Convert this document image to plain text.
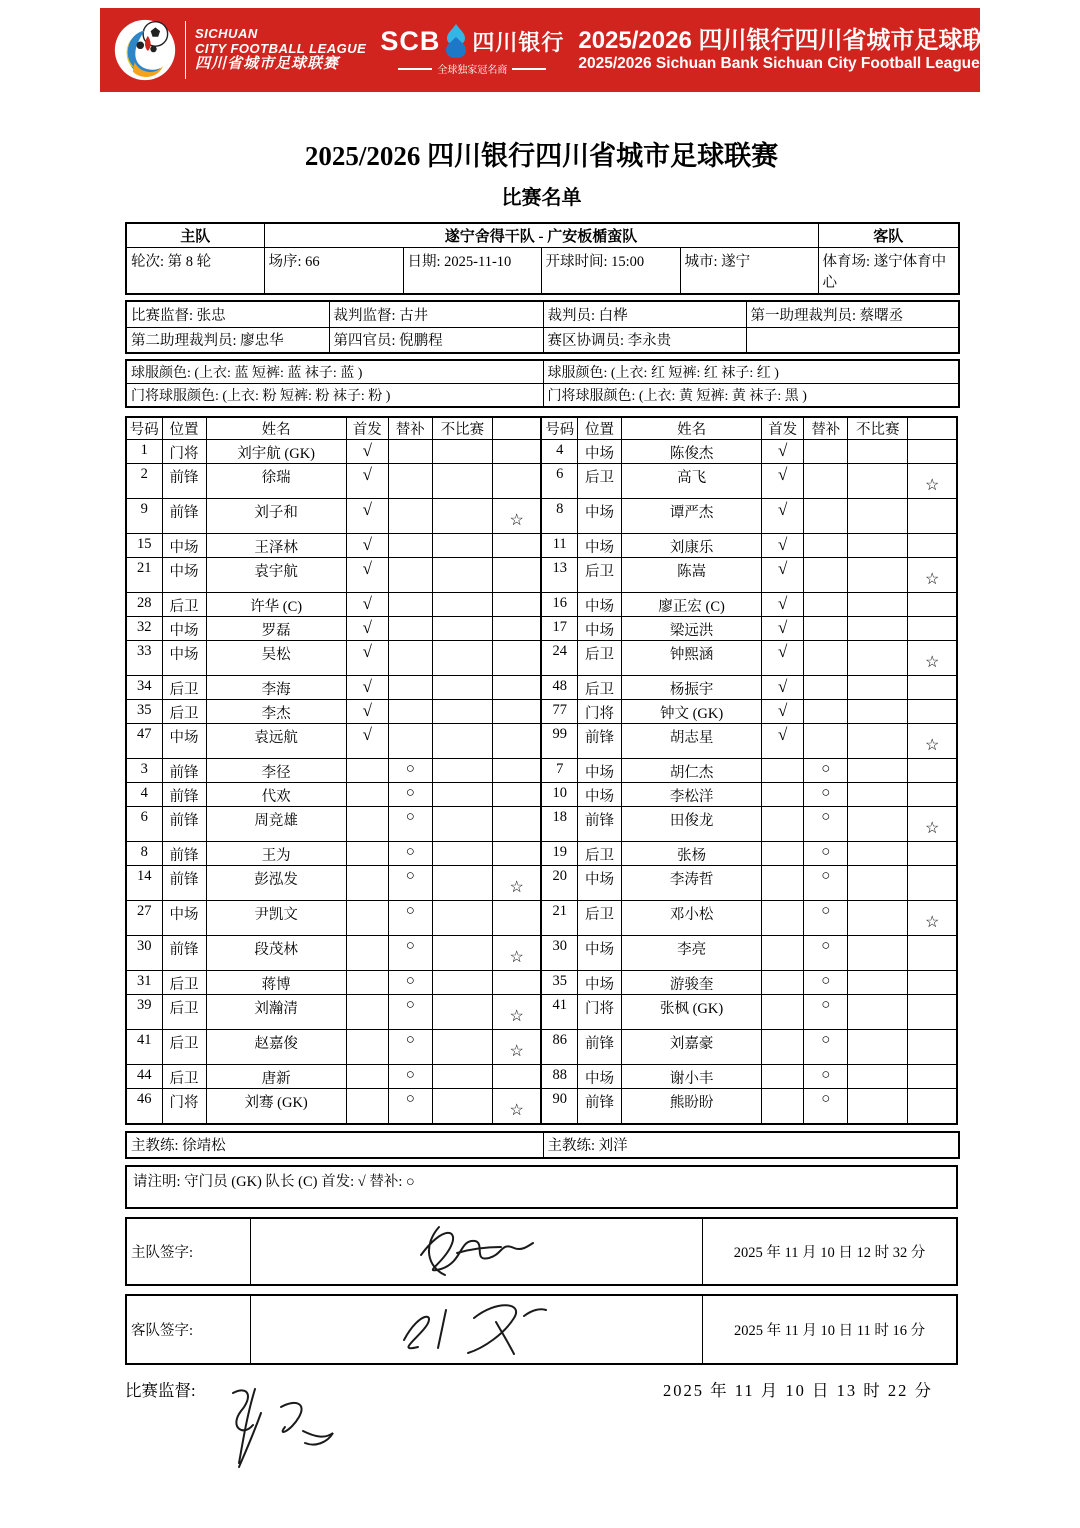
SICHUAN
CITY FOOTBALL LEAGUE
四川省城市足球联赛
SCB 四川银行
全球独家冠名商
2025/2026 四川银行四川省城市足球联赛
2025/2026 Sichuan Bank Sichuan City Football League
2025/2026 四川银行四川省城市足球联赛
比赛名单
主队	遂宁舍得干队 - 广安板楯蛮队				客队
轮次: 第 8 轮	场序: 66	日期: 2025-11-10	开球时间: 15:00	城市: 遂宁	体育场: 遂宁体育中心
比赛监督: 张忠	裁判监督: 古井	裁判员: 白桦	第一助理裁判员: 蔡曙丞
第二助理裁判员: 廖忠华	第四官员: 倪鹏程	赛区协调员: 李永贵	
球服颜色: (上衣: 蓝 短裤: 蓝 袜子: 蓝 )	球服颜色: (上衣: 红 短裤: 红 袜子: 红 )
门将球服颜色: (上衣: 粉 短裤: 粉 袜子: 粉 )	门将球服颜色: (上衣: 黄 短裤: 黄 袜子: 黑 )
号码	位置	姓名	首发	替补	不比赛		号码	位置	姓名	首发	替补	不比赛	
1	门将	刘宇航 (GK)	√				4	中场	陈俊杰	√			
2	前锋	徐瑞	√				6	后卫	高飞	√			☆
9	前锋	刘子和	√			☆	8	中场	谭严杰	√			
15	中场	王泽林	√				11	中场	刘康乐	√			
21	中场	袁宇航	√				13	后卫	陈嵩	√			☆
28	后卫	许华 (C)	√				16	中场	廖正宏 (C)	√			
32	中场	罗磊	√				17	中场	梁远洪	√			
33	中场	吴松	√				24	后卫	钟熙涵	√			☆
34	后卫	李海	√				48	后卫	杨振宇	√			
35	后卫	李杰	√				77	门将	钟文 (GK)	√			
47	中场	袁远航	√				99	前锋	胡志星	√			☆
3	前锋	李径		○			7	中场	胡仁杰		○		
4	前锋	代欢		○			10	中场	李松洋		○		
6	前锋	周竞雄		○			18	前锋	田俊龙		○		☆
8	前锋	王为		○			19	后卫	张杨		○		
14	前锋	彭泓发		○		☆	20	中场	李涛哲		○		
27	中场	尹凯文		○			21	后卫	邓小松		○		☆
30	前锋	段茂林		○		☆	30	中场	李亮		○		
31	后卫	蒋博		○			35	中场	游骏奎		○		
39	后卫	刘瀚清		○		☆	41	门将	张枫 (GK)		○		
41	后卫	赵嘉俊		○		☆	86	前锋	刘嘉豪		○		
44	后卫	唐新		○			88	中场	谢小丰		○		
46	门将	刘骞 (GK)		○		☆	90	前锋	熊盼盼		○		
主教练: 徐靖松	主教练: 刘洋
请注明: 守门员 (GK) 队长 (C) 首发: √ 替补: ○
主队签字:		2025 年 11 月 10 日 12 时 32 分
客队签字:		2025 年 11 月 10 日 11 时 16 分
比赛监督:	2025 年 11 月 10 日 13 时 22 分
